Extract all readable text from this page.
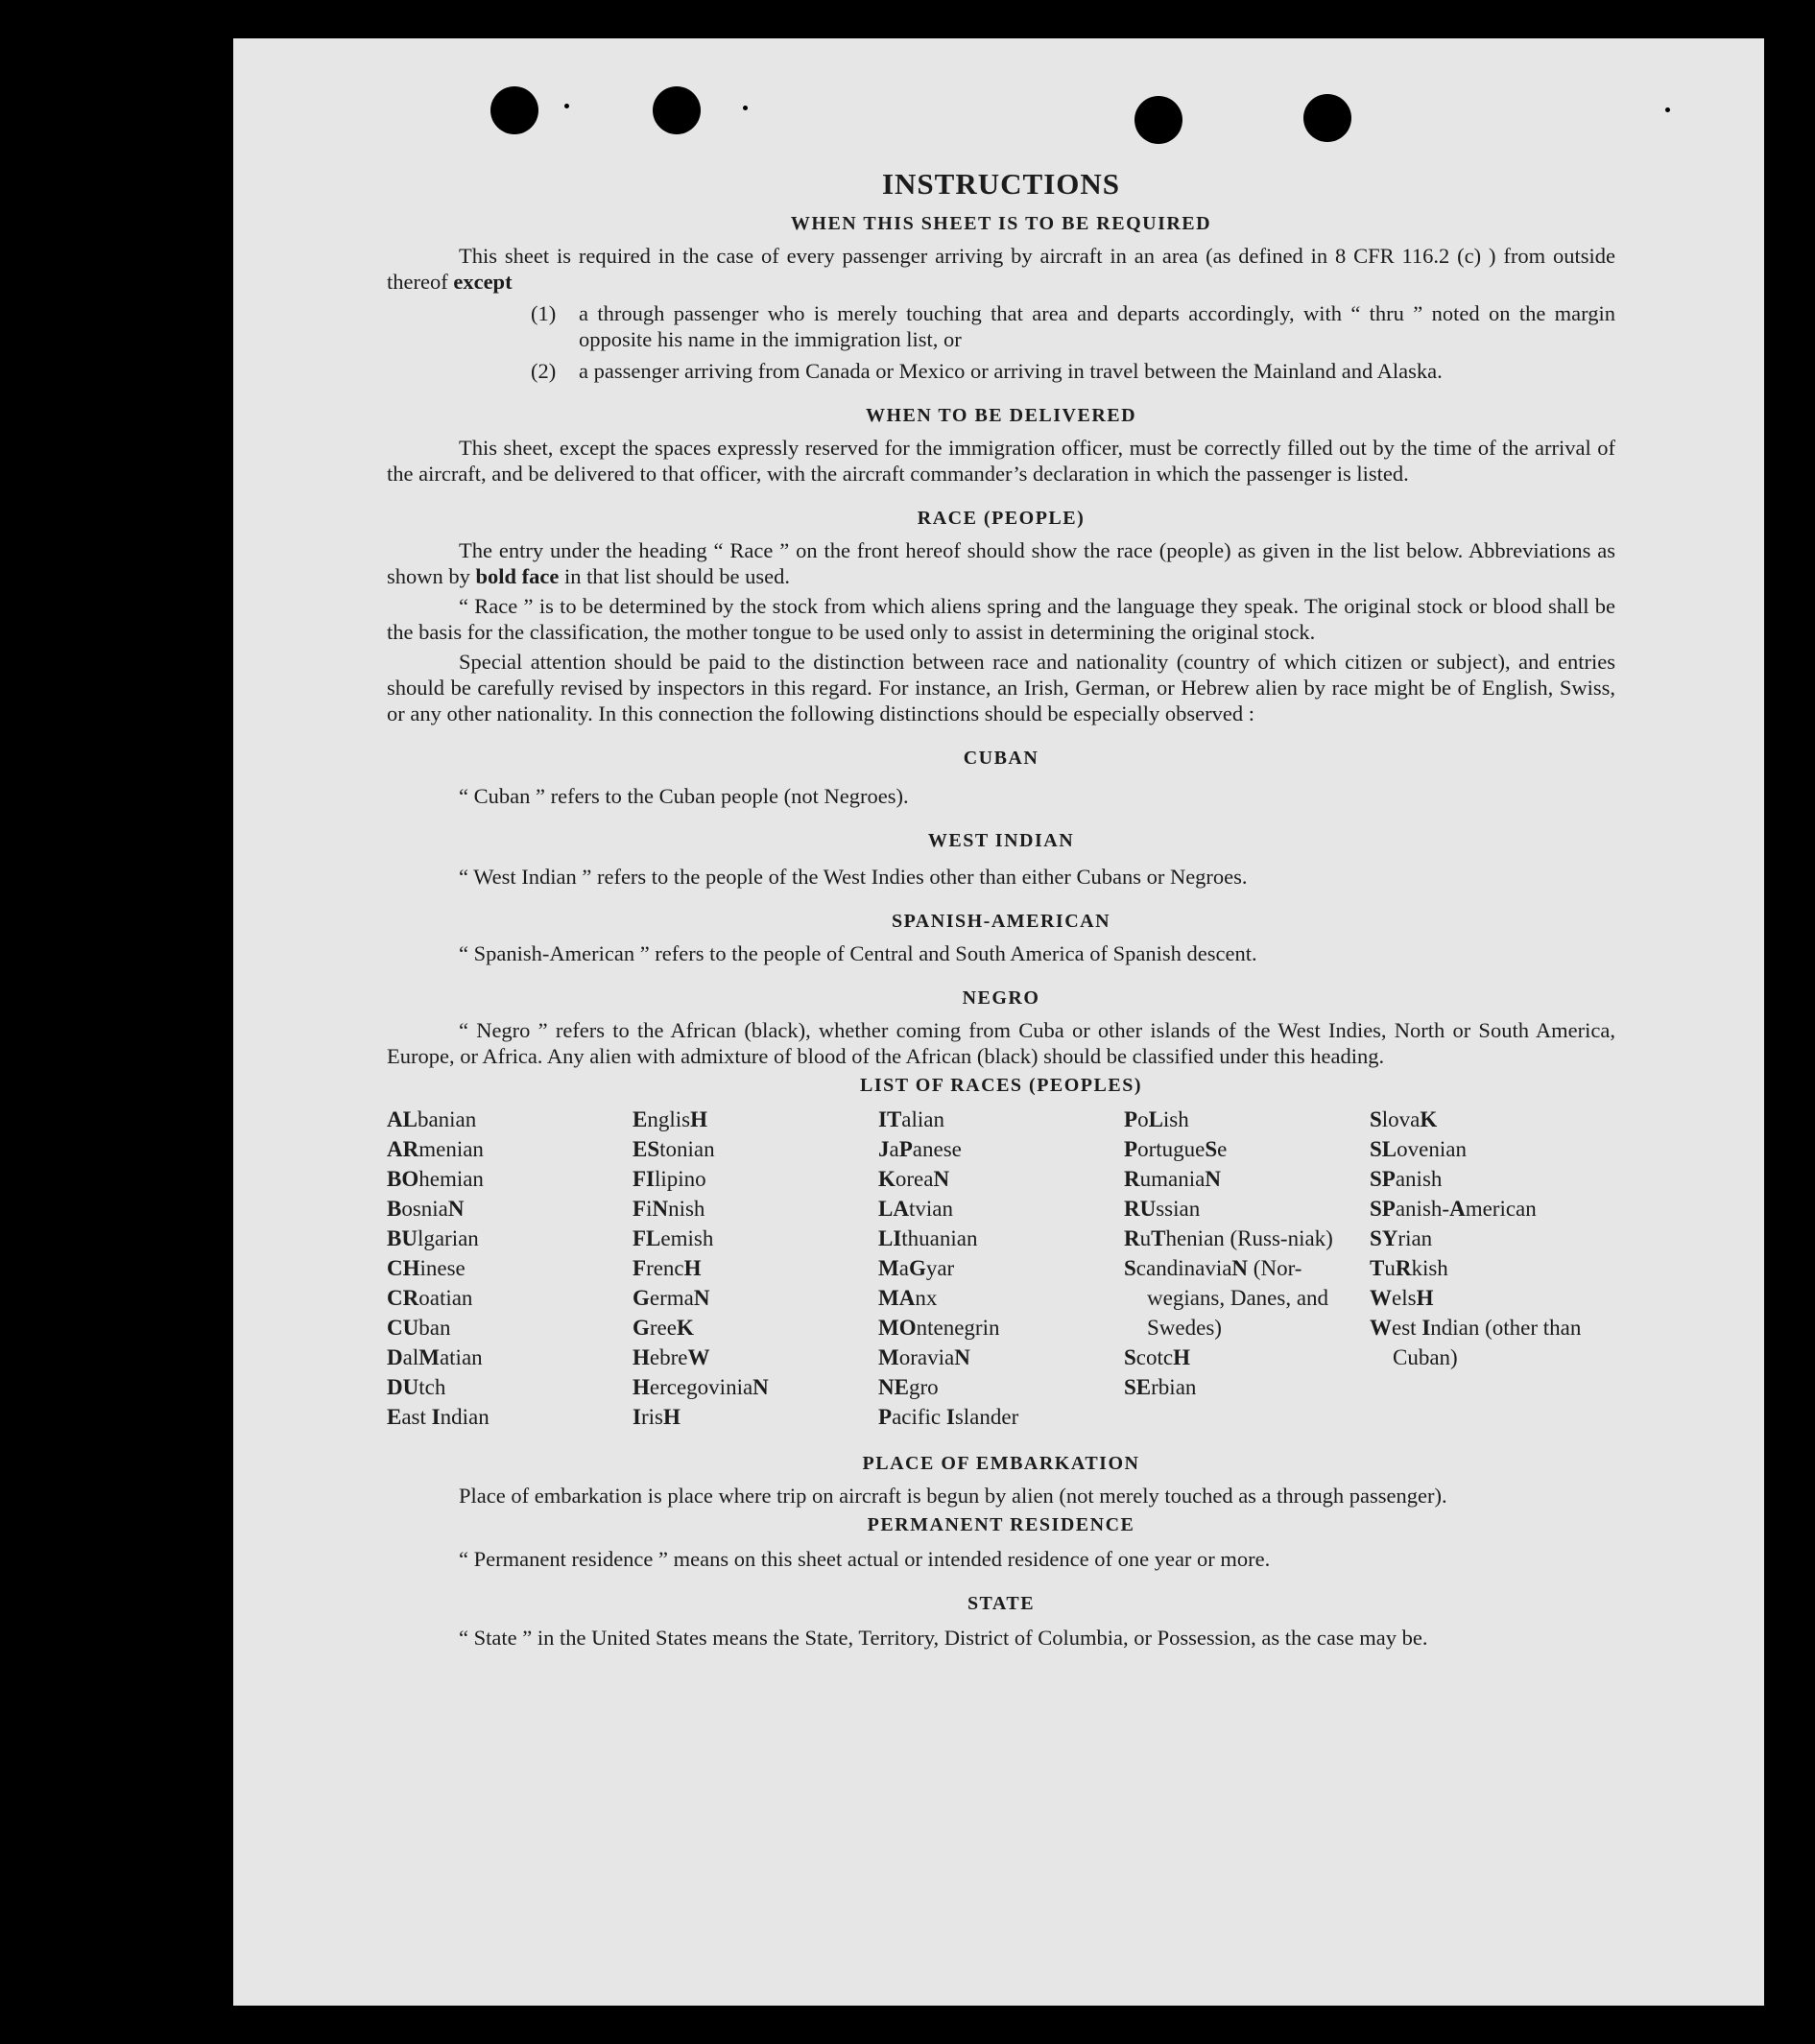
INSTRUCTIONS
WHEN THIS SHEET IS TO BE REQUIRED

This sheet is required in the case of every passenger arriving by aircraft in an area (as defined in 8 CFR 116.2 (c) ) from outside thereof except

(1)	a through passenger who is merely touching that area and departs accordingly, with “ thru ” noted on the margin opposite his name in the immigration list, or
(2)	a passenger arriving from Canada or Mexico or arriving in travel between the Mainland and Alaska.
WHEN TO BE DELIVERED

This sheet, except the spaces expressly reserved for the immigration officer, must be correctly filled out by the time of the arrival of the aircraft, and be delivered to that officer, with the aircraft commander’s declaration in which the passenger is listed.

RACE (PEOPLE)

The entry under the heading “ Race ” on the front hereof should show the race (people) as given in the list below. Abbreviations as shown by bold face in that list should be used.

“ Race ” is to be determined by the stock from which aliens spring and the language they speak. The original stock or blood shall be the basis for the classification, the mother tongue to be used only to assist in determining the original stock.

Special attention should be paid to the distinction between race and nationality (country of which citizen or subject), and entries should be carefully revised by inspectors in this regard. For instance, an Irish, German, or Hebrew alien by race might be of English, Swiss, or any other nationality. In this connection the following distinctions should be especially observed :

CUBAN

“ Cuban ” refers to the Cuban people (not Negroes).

WEST INDIAN

“ West Indian ” refers to the people of the West Indies other than either Cubans or Negroes.

SPANISH-AMERICAN

“ Spanish-American ” refers to the people of Central and South America of Spanish descent.

NEGRO

“ Negro ” refers to the African (black), whether coming from Cuba or other islands of the West Indies, North or South America, Europe, or Africa. Any alien with admixture of blood of the African (black) should be classified under this heading.

LIST OF RACES (PEOPLES)
ALbanian
ARmenian
BOhemian
BosniaN
BUlgarian
CHinese
CRoatian
CUban
DalMatian
DUtch
East Indian
EnglisH
EStonian
FIlipino
FiNnish
FLemish
FrencH
GermaN
GreeK
HebreW
HercegoviniaN
IrisH
ITalian
JaPanese
KoreaN
LAtvian
LIthuanian
MaGyar
MAnx
MOntenegrin
MoraviaN
NEgro
Pacific Islander
PoLish
PortugueSe
RumaniaN
RUssian
RuThenian (Russ-niak)
ScandinaviaN (Nor-wegians, Danes, and Swedes)
ScotcH
SErbian
SlovaK
SLovenian
SPanish
SPanish-American
SYrian
TuRkish
WelsH
West Indian (other than Cuban)
PLACE OF EMBARKATION

Place of embarkation is place where trip on aircraft is begun by alien (not merely touched as a through passenger).

PERMANENT RESIDENCE

“ Permanent residence ” means on this sheet actual or intended residence of one year or more.

STATE

“ State ” in the United States means the State, Territory, District of Columbia, or Possession, as the case may be.
